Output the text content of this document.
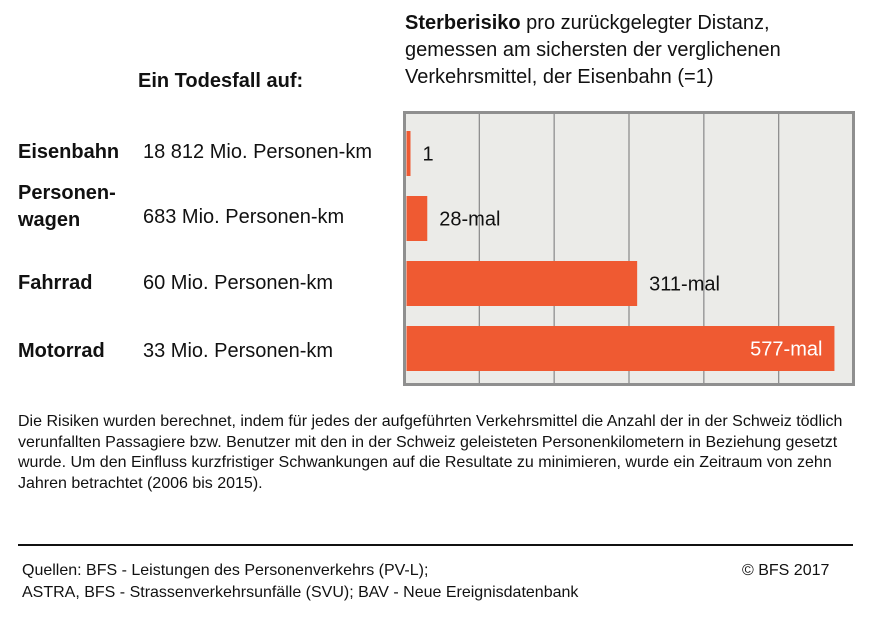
Sterberisiko pro zurückgelegter Distanz, gemessen am sichersten der verglichenen Verkehrsmittel, der Eisenbahn (=1)
Ein Todesfall auf:
Eisenbahn 18 812 Mio. Personen-km
Personen-
wagen	683 Mio. Personen-km
Fahrrad	60 Mio. Personen-km
Motorrad 33 Mio. Personen-km
1
28-mal
311-mal
577-mal
Die Risiken wurden berechnet, indem für jedes der aufgeführten Verkehrsmittel die Anzahl der in der Schweiz tödlich verunfallten Passagiere bzw. Benutzer mit den in der Schweiz geleisteten Personenkilometern in Beziehung gesetzt wurde. Um den Einfluss kurzfristiger Schwankungen auf die Resultate zu minimieren, wurde ein Zeitraum von zehn Jahren betrachtet (2006 bis 2015).
Quellen: BFS - Leistungen des Personenverkehrs (PV-L);
ASTRA, BFS - Strassenverkehrsunfälle (SVU); BAV - Neue Ereignisdatenbank
© BFS 2017
